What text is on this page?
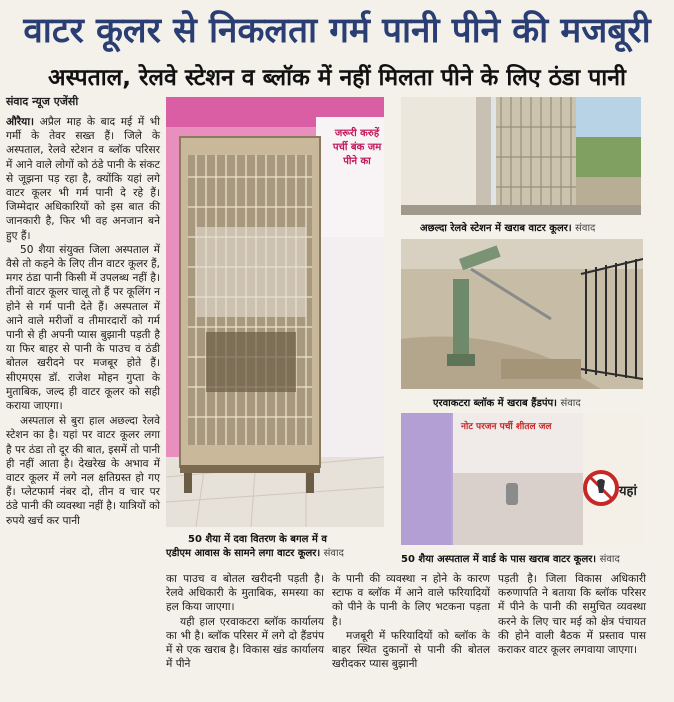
वाटर कूलर से निकलता गर्म पानी पीने की मजबूरी
अस्पताल, रेलवे स्टेशन व ब्लॉक में नहीं मिलता पीने के लिए ठंडा पानी
संवाद न्यूज एजेंसी

औरैया। अप्रैल माह के बाद मई में भी गर्मी के तेवर सख्त हैं। जिले के अस्पताल, रेलवे स्टेशन व ब्लॉक परिसर में आने वाले लोगों को ठंडे पानी के संकट से जूझना पड़ रहा है, क्योंकि यहां लगे वाटर कूलर भी गर्म पानी दे रहे हैं। जिम्मेदार अधिकारियों को इस बात की जानकारी है, फिर भी वह अनजान बने हुए हैं।

50 शैया संयुक्त जिला अस्पताल में वैसे तो कहने के लिए तीन वाटर कूलर हैं, मगर ठंडा पानी किसी में उपलब्ध नहीं है। तीनों वाटर कूलर चालू तो हैं पर कूलिंग न होने से गर्म पानी देते हैं। अस्पताल में आने वाले मरीजों व तीमारदारों को गर्म पानी से ही अपनी प्यास बुझानी पड़ती है या फिर बाहर से पानी के पाउच व ठंडी बोतल खरीदने पर मजबूर होते हैं। सीएमएस डॉ. राजेश मोहन गुप्ता के मुताबिक, जल्द ही वाटर कूलर को सही कराया जाएगा।

अस्पताल से बुरा हाल अछल्दा रेलवे स्टेशन का है। यहां पर वाटर कूलर लगा है पर ठंडा तो दूर की बात, इसमें तो पानी ही नहीं आता है। देखरेख के अभाव में वाटर कूलर में लगे नल क्षतिग्रस्त हो गए हैं। प्लेटफार्म नंबर दो, तीन व चार पर ठंडे पानी की व्यवस्था नहीं है। यात्रियों को रुपये खर्च कर पानी

जरूरी करुहें पर्ची बंक जम पीने का
50 शैया में दवा वितरण के बगल में व
एडीएम आवास के सामने लगा वाटर कूलर। संवाद
अछल्दा रेलवे स्टेशन में खराब वाटर कूलर। संवाद
एरवाकटरा ब्लॉक में खराब हैंडपंप। संवाद
नोट परजन पर्ची शीतल जल
यहां
50 शैया अस्पताल में वार्ड के पास खराब वाटर कूलर। संवाद

का पाउच व बोतल खरीदनी पड़ती है। रेलवे अधिकारी के मुताबिक, समस्या का हल किया जाएगा।

यही हाल एरवाकटरा ब्लॉक कार्यालय का भी है। ब्लॉक परिसर में लगे दो हैंडपंप में से एक खराब है। विकास खंड कार्यालय में पीने

के पानी की व्यवस्था न होने के कारण स्टाफ व ब्लॉक में आने वाले फरियादियों को पीने के पानी के लिए भटकना पड़ता है।

मजबूरी में फरियादियों को ब्लॉक के बाहर स्थित दुकानों से पानी की बोतल खरीदकर प्यास बुझानी

पड़ती है। जिला विकास अधिकारी करुणापति ने बताया कि ब्लॉक परिसर में पीने के पानी की समुचित व्यवस्था करने के लिए चार मई को क्षेत्र पंचायत की होने वाली बैठक में प्रस्ताव पास कराकर वाटर कूलर लगवाया जाएगा।
